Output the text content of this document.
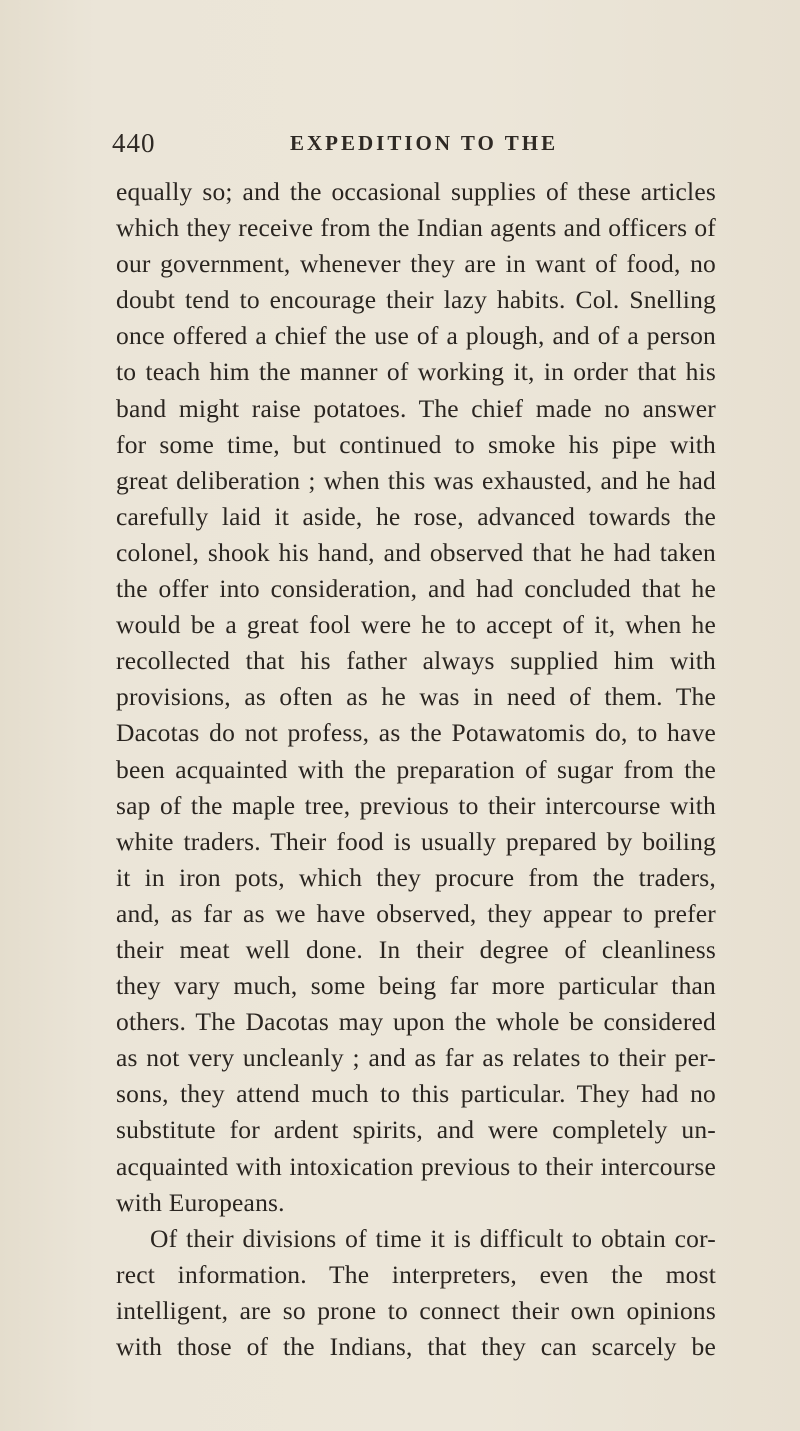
440	EXPEDITION TO THE
equally so; and the occasional supplies of these articles
which they receive from the Indian agents and officers of
our government, whenever they are in want of food, no
doubt tend to encourage their lazy habits. Col. Snelling
once offered a chief the use of a plough, and of a person
to teach him the manner of working it, in order that his
band might raise potatoes. The chief made no answer
for some time, but continued to smoke his pipe with
great deliberation ; when this was exhausted, and he had
carefully laid it aside, he rose, advanced towards the
colonel, shook his hand, and observed that he had taken
the offer into consideration, and had concluded that he
would be a great fool were he to accept of it, when he
recollected that his father always supplied him with
provisions, as often as he was in need of them. The
Dacotas do not profess, as the Potawatomis do, to have
been acquainted with the preparation of sugar from the
sap of the maple tree, previous to their intercourse with
white traders. Their food is usually prepared by boiling
it in iron pots, which they procure from the traders,
and, as far as we have observed, they appear to prefer
their meat well done. In their degree of cleanliness
they vary much, some being far more particular than
others. The Dacotas may upon the whole be considered
as not very uncleanly ; and as far as relates to their per-
sons, they attend much to this particular. They had no
substitute for ardent spirits, and were completely un-
acquainted with intoxication previous to their intercourse
with Europeans.
Of their divisions of time it is difficult to obtain cor-
rect information. The interpreters, even the most
intelligent, are so prone to connect their own opinions
with those of the Indians, that they can scarcely be
